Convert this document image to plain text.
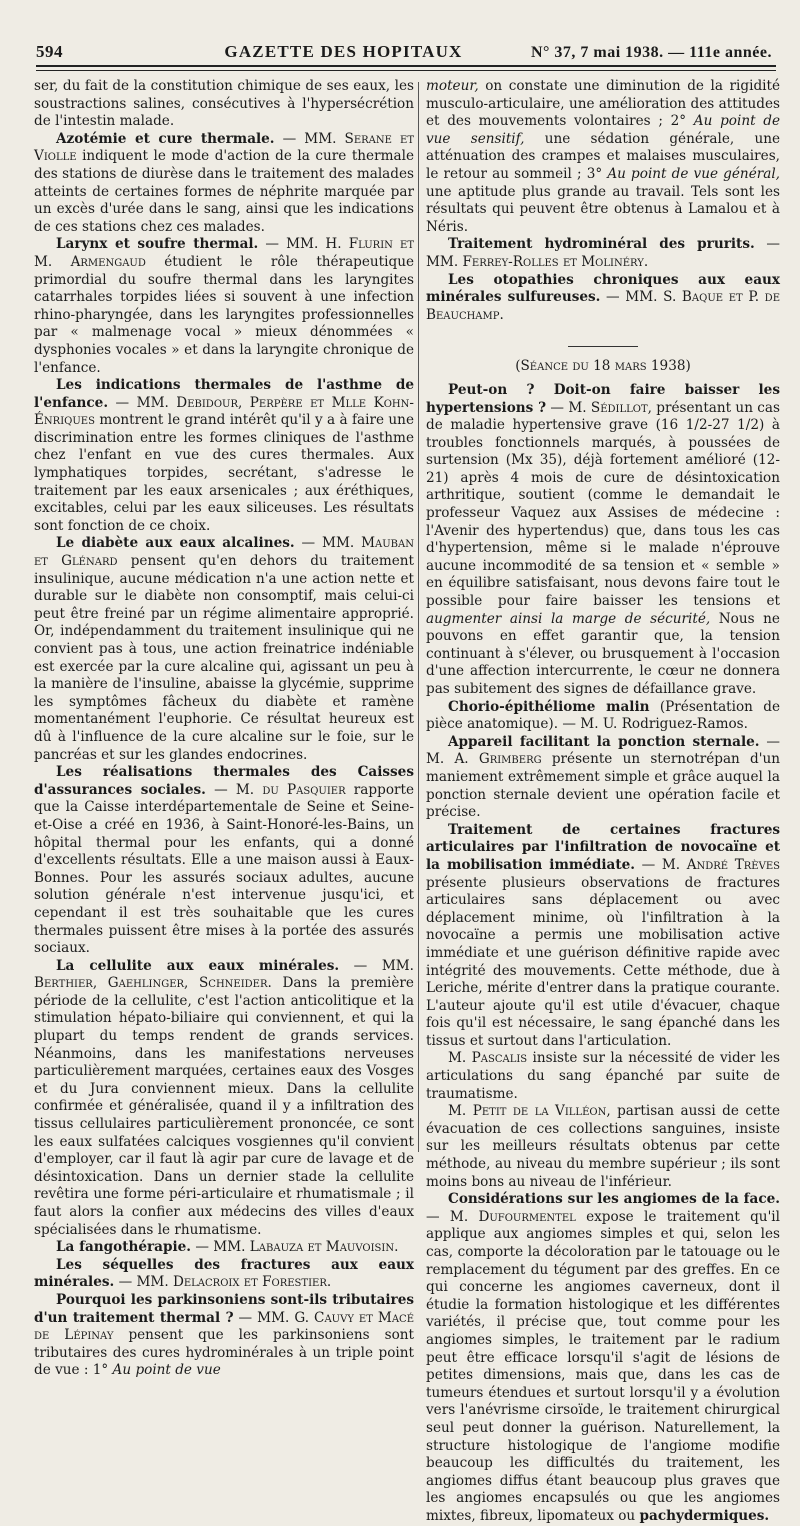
594	GAZETTE DES HOPITAUX	N° 37, 7 mai 1938. — 111e année.

ser, du fait de la constitution chimique de ses eaux, les soustractions salines, consécutives à l'hypersécrétion de l'intestin malade.

Azotémie et cure thermale. — MM. Serane et Violle indiquent le mode d'action de la cure thermale des stations de diurèse dans le traitement des malades atteints de certaines formes de néphrite marquée par un excès d'urée dans le sang, ainsi que les indications de ces stations chez ces malades.

Larynx et soufre thermal. — MM. H. Flurin et M. Armengaud étudient le rôle thérapeutique primordial du soufre thermal dans les laryngites catarrhales torpides liées si souvent à une infection rhino-pharyngée, dans les laryngites professionnelles par « malmenage vocal » mieux dénommées « dysphonies vocales » et dans la laryngite chronique de l'enfance.

Les indications thermales de l'asthme de l'enfance. — MM. Debidour, Perpère et Mlle Kohn-Énriques montrent le grand intérêt qu'il y a à faire une discrimination entre les formes cliniques de l'asthme chez l'enfant en vue des cures thermales. Aux lymphatiques torpides, secrétant, s'adresse le traitement par les eaux arsenicales ; aux éréthiques, excitables, celui par les eaux siliceuses. Les résultats sont fonction de ce choix.

Le diabète aux eaux alcalines. — MM. Mauban et Glénard pensent qu'en dehors du traitement insulinique, aucune médication n'a une action nette et durable sur le diabète non consomptif, mais celui-ci peut être freiné par un régime alimentaire approprié. Or, indépendamment du traitement insulinique qui ne convient pas à tous, une action freinatrice indéniable est exercée par la cure alcaline qui, agissant un peu à la manière de l'insuline, abaisse la glycémie, supprime les symptômes fâcheux du diabète et ramène momentanément l'euphorie. Ce résultat heureux est dû à l'influence de la cure alcaline sur le foie, sur le pancréas et sur les glandes endocrines.

Les réalisations thermales des Caisses d'assurances sociales. — M. du Pasquier rapporte que la Caisse interdépartementale de Seine et Seine-et-Oise a créé en 1936, à Saint-Honoré-les-Bains, un hôpital thermal pour les enfants, qui a donné d'excellents résultats. Elle a une maison aussi à Eaux-Bonnes. Pour les assurés sociaux adultes, aucune solution générale n'est intervenue jusqu'ici, et cependant il est très souhaitable que les cures thermales puissent être mises à la portée des assurés sociaux.

La cellulite aux eaux minérales. — MM. Berthier, Gaehlinger, Schneider. Dans la première période de la cellulite, c'est l'action anticolitique et la stimulation hépato-biliaire qui conviennent, et qui la plupart du temps rendent de grands services. Néanmoins, dans les manifestations nerveuses particulièrement marquées, certaines eaux des Vosges et du Jura conviennent mieux. Dans la cellulite confirmée et généralisée, quand il y a infiltration des tissus cellulaires particulièrement prononcée, ce sont les eaux sulfatées calciques vosgiennes qu'il convient d'employer, car il faut là agir par cure de lavage et de désintoxication. Dans un dernier stade la cellulite revêtira une forme péri-articulaire et rhumatismale ; il faut alors la confier aux médecins des villes d'eaux spécialisées dans le rhumatisme.

La fangothérapie. — MM. Labauza et Mauvoisin.

Les séquelles des fractures aux eaux minérales. — MM. Delacroix et Forestier.

Pourquoi les parkinsoniens sont-ils tributaires d'un traitement thermal ? — MM. G. Cauvy et Macé de Lépinay pensent que les parkinsoniens sont tributaires des cures hydrominérales à un triple point de vue : 1° Au point de vue

moteur, on constate une diminution de la rigidité musculo-articulaire, une amélioration des attitudes et des mouvements volontaires ; 2° Au point de vue sensitif, une sédation générale, une atténuation des crampes et malaises musculaires, le retour au sommeil ; 3° Au point de vue général, une aptitude plus grande au travail. Tels sont les résultats qui peuvent être obtenus à Lamalou et à Néris.

Traitement hydrominéral des prurits. — MM. Ferrey-Rolles et Molinéry.

Les otopathies chroniques aux eaux minérales sulfureuses. — MM. S. Baque et P. de Beauchamp.

(Séance du 18 mars 1938)

Peut-on ? Doit-on faire baisser les hypertensions ? — M. Sédillot, présentant un cas de maladie hypertensive grave (16 1/2-27 1/2) à troubles fonctionnels marqués, à poussées de surtension (Mx 35), déjà fortement amélioré (12-21) après 4 mois de cure de désintoxication arthritique, soutient (comme le demandait le professeur Vaquez aux Assises de médecine : l'Avenir des hypertendus) que, dans tous les cas d'hypertension, même si le malade n'éprouve aucune incommodité de sa tension et « semble » en équilibre satisfaisant, nous devons faire tout le possible pour faire baisser les tensions et augmenter ainsi la marge de sécurité, Nous ne pouvons en effet garantir que, la tension continuant à s'élever, ou brusquement à l'occasion d'une affection intercurrente, le cœur ne donnera pas subitement des signes de défaillance grave.

Chorio-épithéliome malin (Présentation de pièce anatomique). — M. U. Rodriguez-Ramos.

Appareil facilitant la ponction sternale. — M. A. Grimberg présente un sternotrépan d'un maniement extrêmement simple et grâce auquel la ponction sternale devient une opération facile et précise.

Traitement de certaines fractures articulaires par l'infiltration de novocaïne et la mobilisation immédiate. — M. André Trèves présente plusieurs observations de fractures articulaires sans déplacement ou avec déplacement minime, où l'infiltration à la novocaïne a permis une mobilisation active immédiate et une guérison définitive rapide avec intégrité des mouvements. Cette méthode, due à Leriche, mérite d'entrer dans la pratique courante. L'auteur ajoute qu'il est utile d'évacuer, chaque fois qu'il est nécessaire, le sang épanché dans les tissus et surtout dans l'articulation.

M. Pascalis insiste sur la nécessité de vider les articulations du sang épanché par suite de traumatisme.

M. Petit de la Villéon, partisan aussi de cette évacuation de ces collections sanguines, insiste sur les meilleurs résultats obtenus par cette méthode, au niveau du membre supérieur ; ils sont moins bons au niveau de l'inférieur.

Considérations sur les angiomes de la face. — M. Dufourmentel expose le traitement qu'il applique aux angiomes simples et qui, selon les cas, comporte la décoloration par le tatouage ou le remplacement du tégument par des greffes. En ce qui concerne les angiomes caverneux, dont il étudie la formation histologique et les différentes variétés, il précise que, tout comme pour les angiomes simples, le traitement par le radium peut être efficace lorsqu'il s'agit de lésions de petites dimensions, mais que, dans les cas de tumeurs étendues et surtout lorsqu'il y a évolution vers l'anévrisme cirsoïde, le traitement chirurgical seul peut donner la guérison. Naturellement, la structure histologique de l'angiome modifie beaucoup les difficultés du traitement, les angiomes diffus étant beaucoup plus graves que les angiomes encapsulés ou que les angiomes mixtes, fibreux, lipomateux ou pachydermiques.
